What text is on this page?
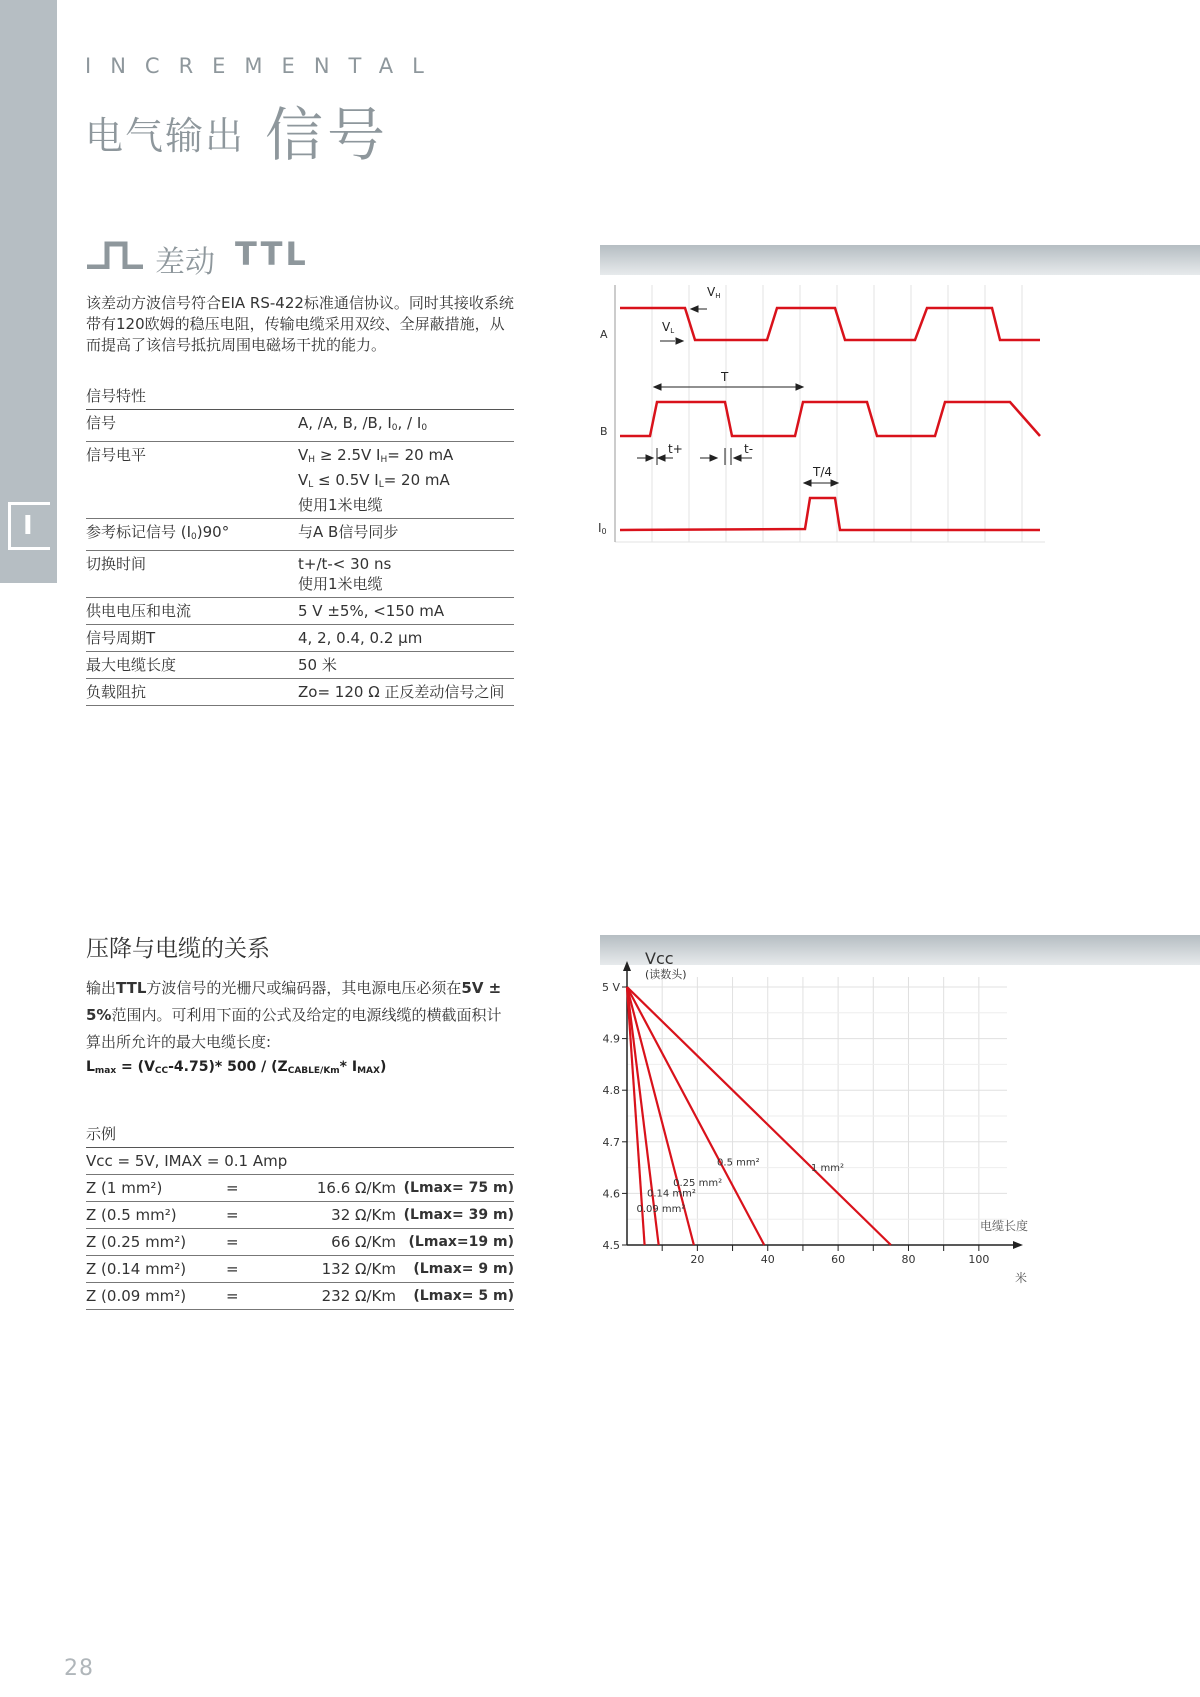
I
INCREMENTAL
电气输出 信号
差动 TTL
该差动方波信号符合EIA RS-422标准通信协议。同时其接收系统带有120欧姆的稳压电阻，传输电缆采用双绞、全屏蔽措施，从而提高了该信号抵抗周围电磁场干扰的能力。
信号特性	
信号	A, /A, B, /B, $I_0$, / $I_0$
信号电平	$V_H \ge 2.5V$ $I_H= 20$ mA
$V_L \le 0.5V$ $I_L= 20$ mA
使用1米电缆

参考标记信号 $(I_0)90^\circ$	与A B信号同步
切换时间	t+/t-< 30 ns
使用1米电缆

供电电压和电流	5 V ±5%, <150 mA
信号周期T	4, 2, 0.4, 0.2 µm
最大电缆长度	50 米
负载阻抗	Zo= 120 Ω 正反差动信号之间
A
B
I0
VH
VL
T
t+	t-
T/4
压降与电缆的关系
输出TTL方波信号的光栅尺或编码器，其电源电压必须在5V ± 5%范围内。可利用下面的公式及给定的电源线缆的横截面积计算出所允许的最大电缆长度:
$L_{max} = (V_{CC}-4.75)*$ $500 / (Z_{CABLE/Km}*$ $I_{MAX}$)
示例			
Vcc = 5V, IMAX = 0.1 Amp			
Z (1 mm²)	=	16.6 Ω/Km	(Lmax= 75 m)
Z (0.5 mm²)	=	32 Ω/Km	(Lmax= 39 m)
Z (0.25 mm²)	=	66 Ω/Km	(Lmax=19 m)
Z (0.14 mm²)	=	132 Ω/Km	(Lmax= 9 m)
Z (0.09 mm²)	=	232 Ω/Km	(Lmax= 5 m)
4.5
4.6
4.7
4.8
4.9
5 V
20	40	60	80	100
1 mm²
0.5 mm²
0.25 mm²
0.14 mm²
0.09 mm²
Vcc
(读数头)
电缆长度
米
28
